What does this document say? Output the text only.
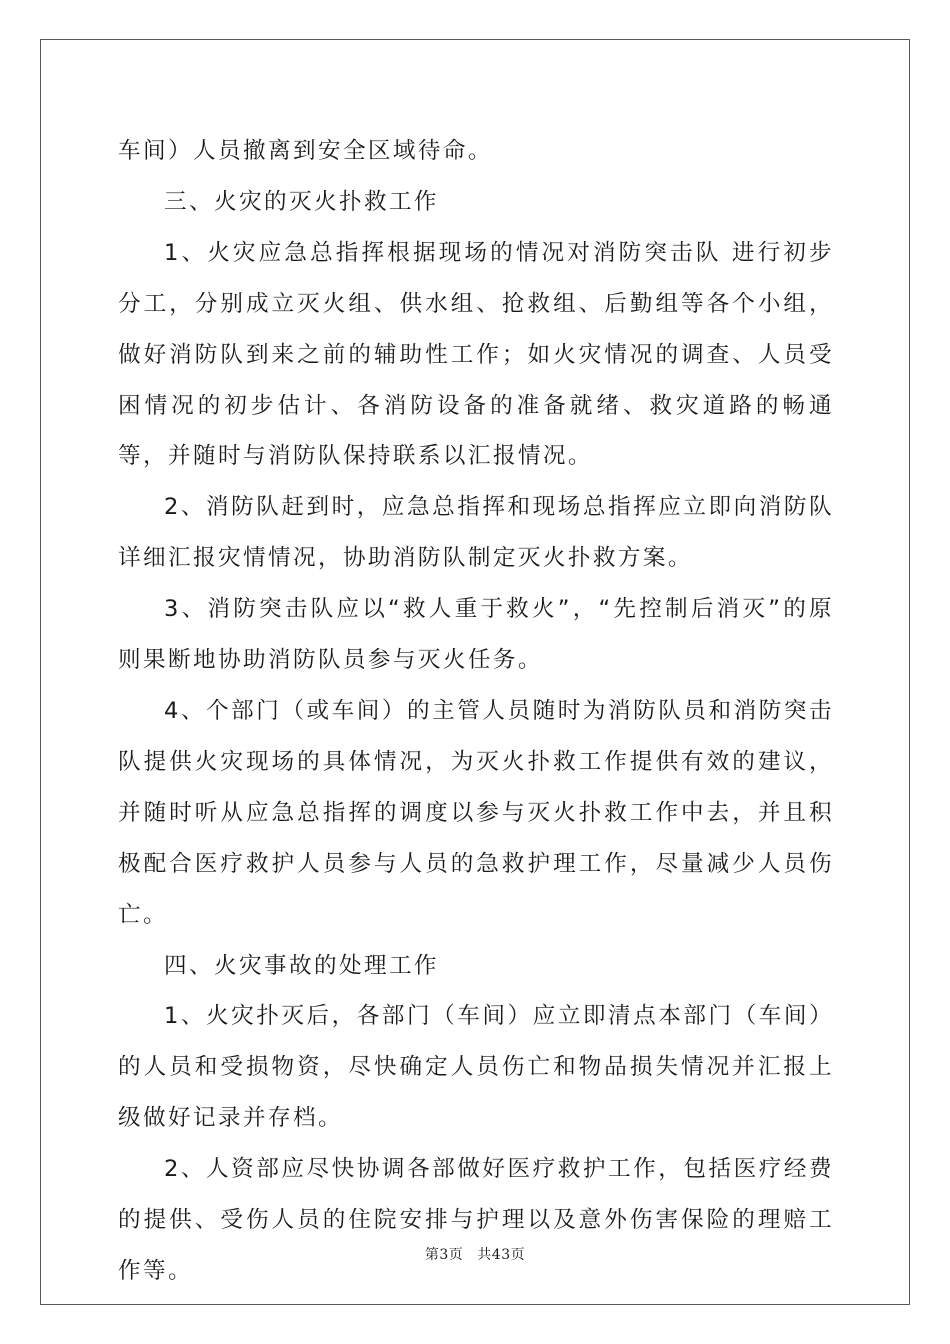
车间）人员撤离到安全区域待命。

三、火灾的灭火扑救工作

1、火灾应急总指挥根据现场的情况对消防突击队 进行初步分工，分别成立灭火组、供水组、抢救组、后勤组等各个小组，做好消防队到来之前的辅助性工作；如火灾情况的调查、人员受困情况的初步估计、各消防设备的准备就绪、救灾道路的畅通等，并随时与消防队保持联系以汇报情况。

2、消防队赶到时，应急总指挥和现场总指挥应立即向消防队详细汇报灾情情况，协助消防队制定灭火扑救方案。

3、消防突击队应以“救人重于救火”，“先控制后消灭”的原则果断地协助消防队员参与灭火任务。

4、个部门（或车间）的主管人员随时为消防队员和消防突击队提供火灾现场的具体情况，为灭火扑救工作提供有效的建议，并随时听从应急总指挥的调度以参与灭火扑救工作中去，并且积极配合医疗救护人员参与人员的急救护理工作，尽量减少人员伤亡。

四、火灾事故的处理工作

1、火灾扑灭后，各部门（车间）应立即清点本部门（车间）的人员和受损物资，尽快确定人员伤亡和物品损失情况并汇报上级做好记录并存档。

2、人资部应尽快协调各部做好医疗救护工作，包括医疗经费的提供、受伤人员的住院安排与护理以及意外伤害保险的理赔工作等。

第3页 共43页
